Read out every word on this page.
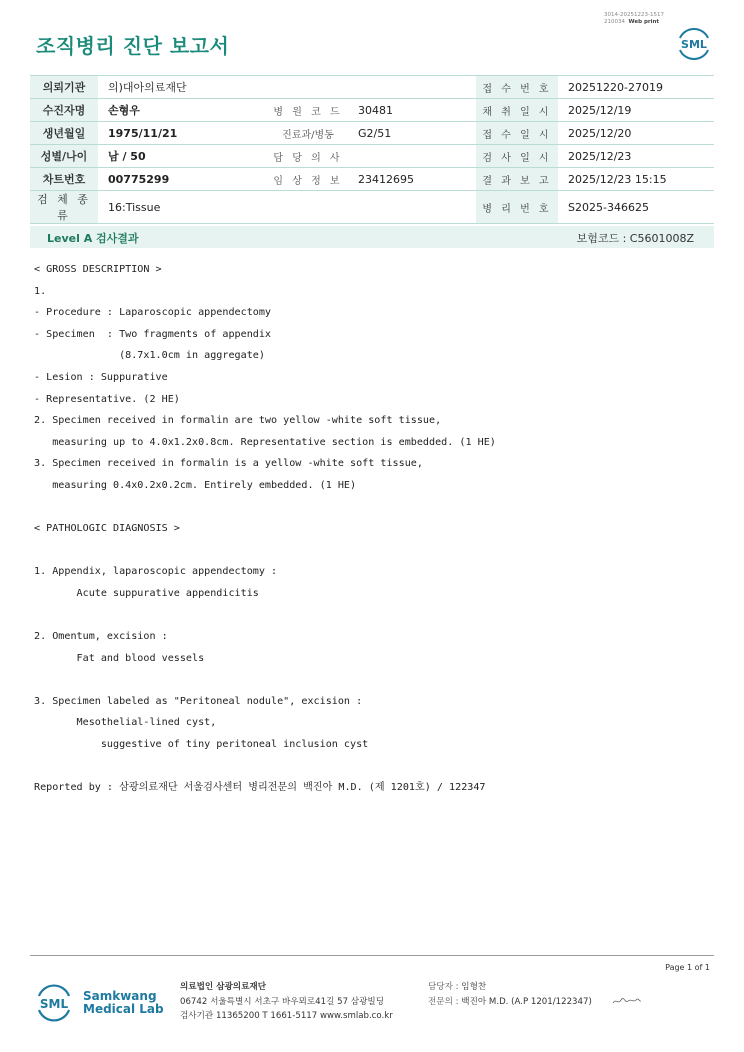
3014-20251223-1517
210034 Web print
조직병리 진단 보고서	SML
의뢰기관	의)대아의료재단			접 수 번 호	20251220-27019
수진자명	손형우	병 원 코 드	30481	채 취 일 시	2025/12/19
생년월일	1975/11/21	진료과/병동	G2/51	접 수 일 시	2025/12/20
성별/나이	남 / 50	담 당 의 사		검 사 일 시	2025/12/23
차트번호	00775299	임 상 정 보	23412695	결 과 보 고	2025/12/23 15:15
검 체 종 류	16:Tissue			병 리 번 호	S2025-346625
Level A 검사결과	보험코드 : C5601008Z
< GROSS DESCRIPTION >
1.
- Procedure : Laparoscopic appendectomy
- Specimen  : Two fragments of appendix
(8.7x1.0cm in aggregate)
- Lesion : Suppurative
- Representative. (2 HE)
2. Specimen received in formalin are two yellow -white soft tissue,
measuring up to 4.0x1.2x0.8cm. Representative section is embedded. (1 HE)
3. Specimen received in formalin is a yellow -white soft tissue,
measuring 0.4x0.2x0.2cm. Entirely embedded. (1 HE)

< PATHOLOGIC DIAGNOSIS >

1. Appendix, laparoscopic appendectomy :
Acute suppurative appendicitis

2. Omentum, excision :
Fat and blood vessels

3. Specimen labeled as "Peritoneal nodule", excision :
Mesothelial-lined cyst,
suggestive of tiny peritoneal inclusion cyst

Reported by : 삼광의료재단 서울검사센터 병리전문의 백진아 M.D. (제 1201호) / 122347
Page 1 of 1
SML
Samkwang
Medical Lab
의료법인 삼광의료재단
06742 서울특별시 서초구 바우뫼로41길 57 삼광빌딩
검사기관 11365200 T 1661-5117 www.smlab.co.kr
담당자 : 임형찬
전문의 : 백진아 M.D. (A.P 1201/122347)
